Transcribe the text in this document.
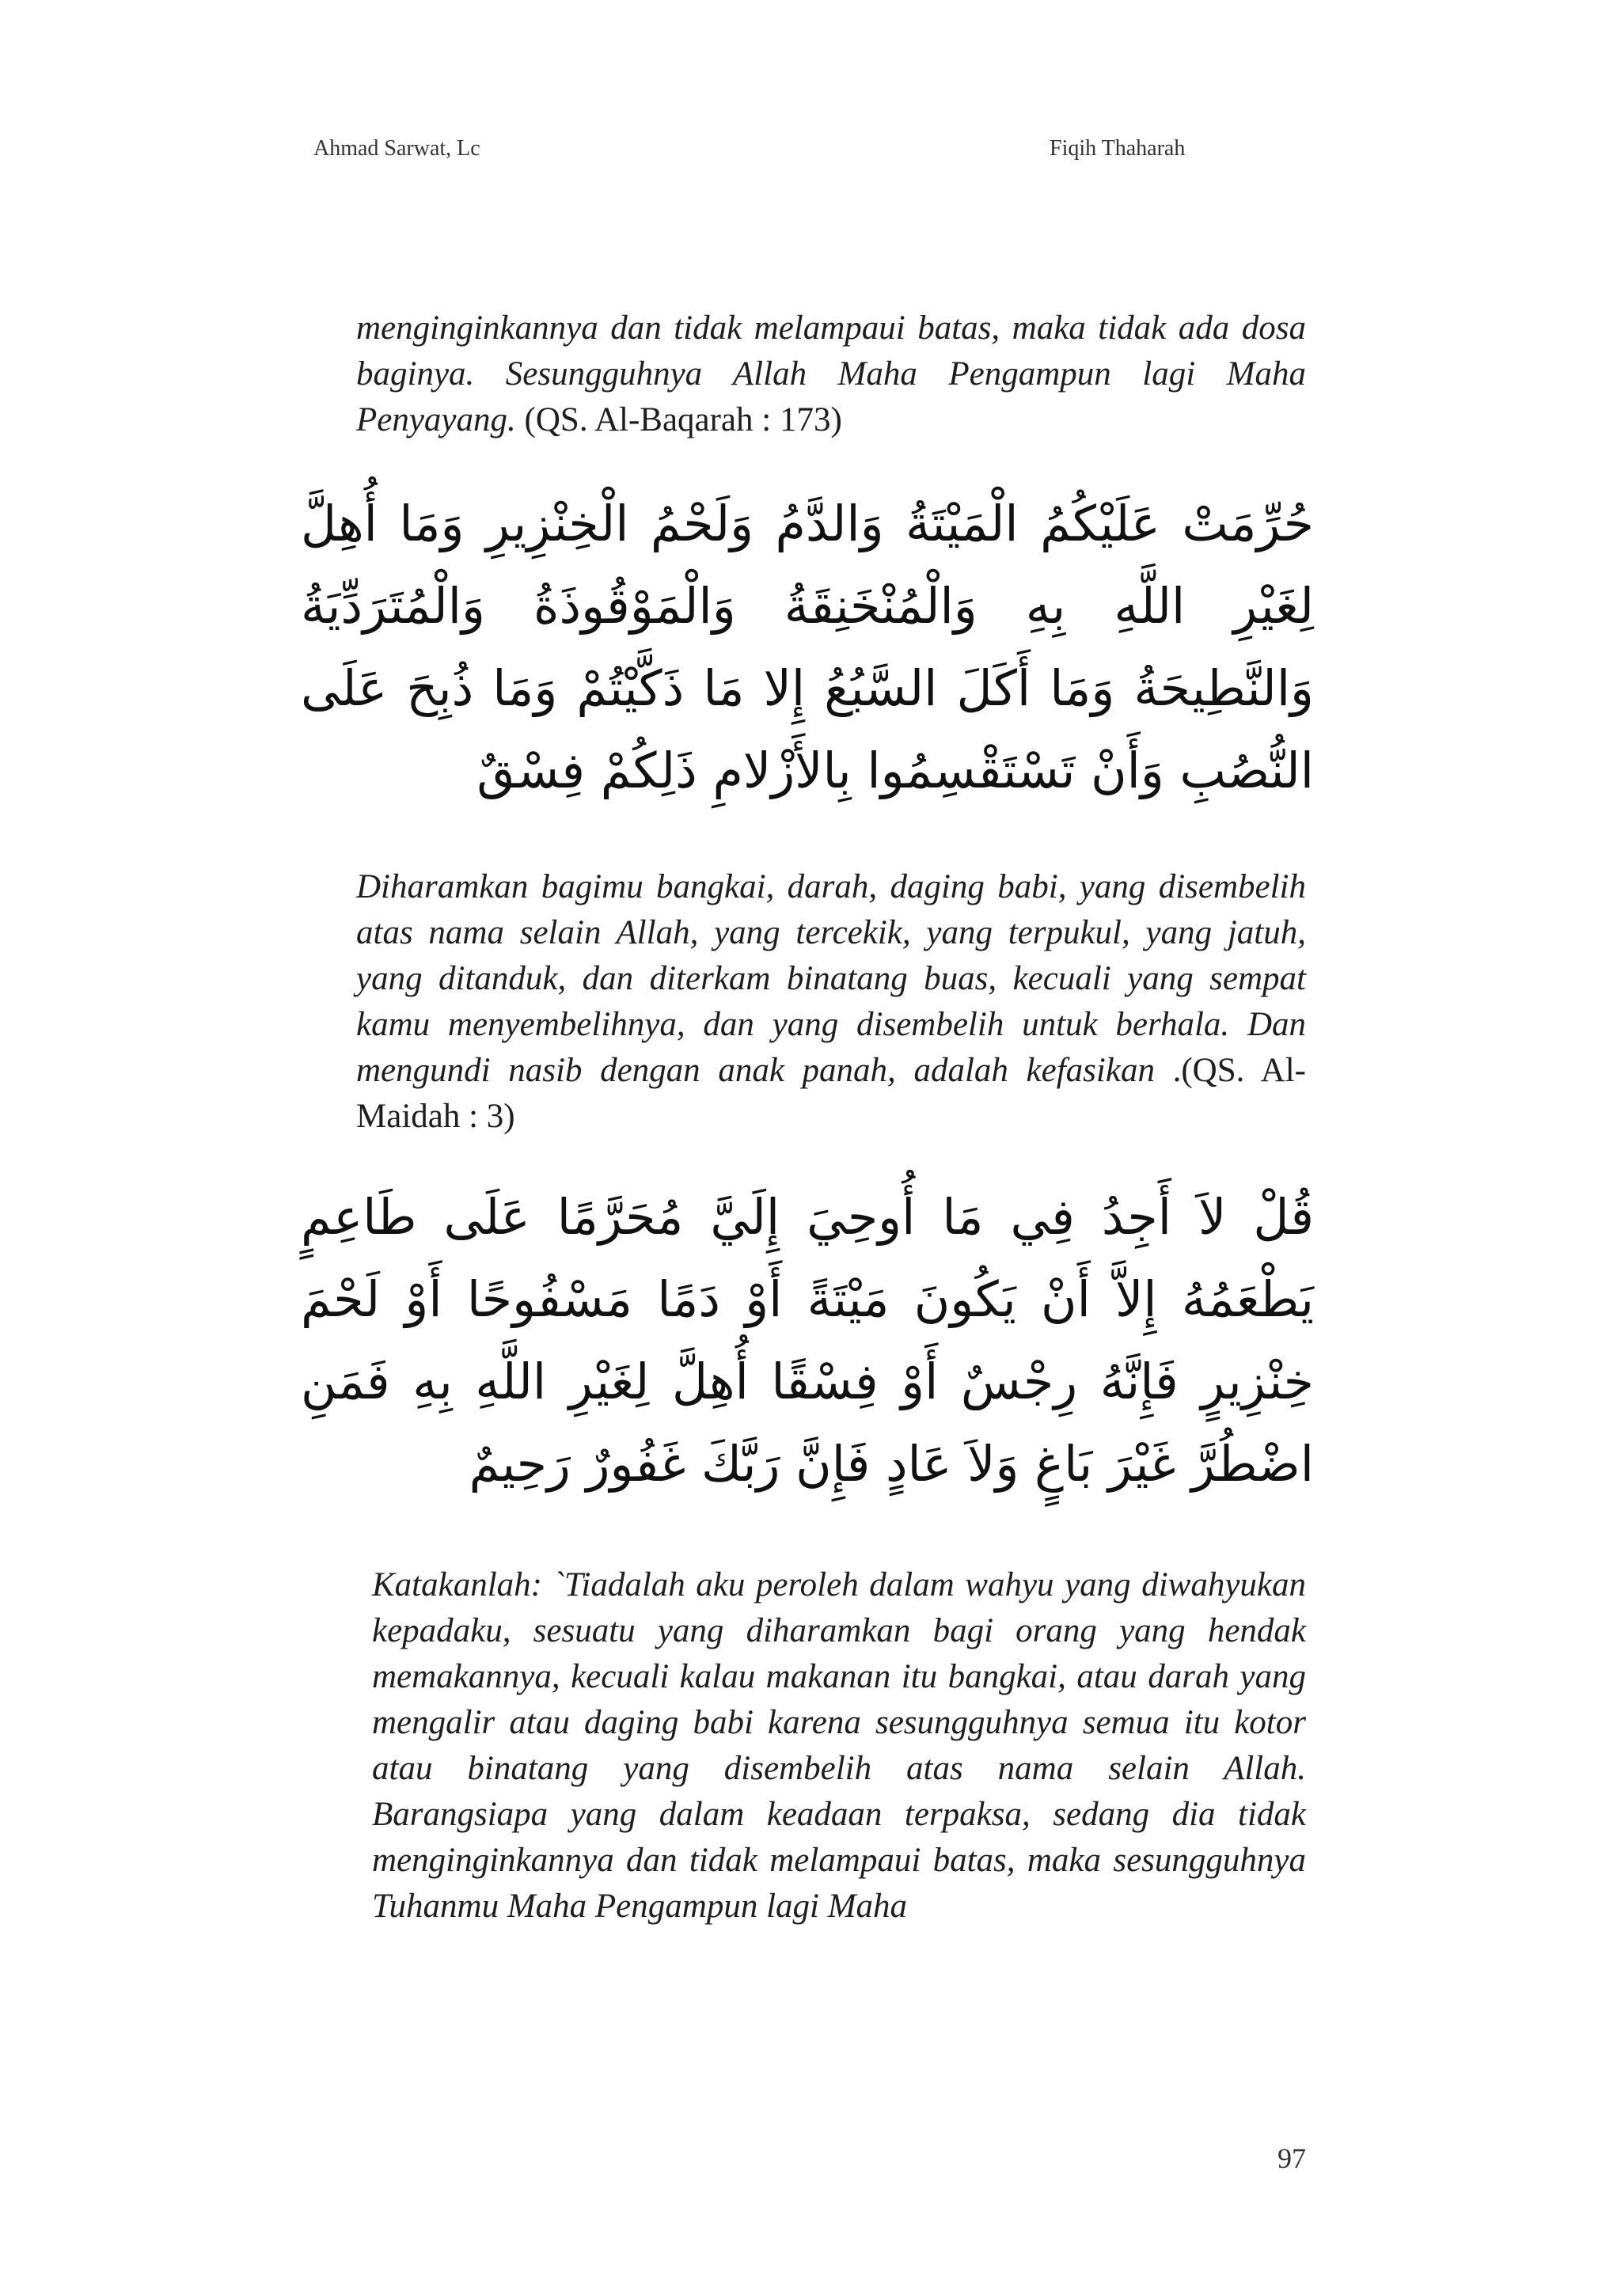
Ahmad Sarwat, Lc	Fiqih Thaharah

menginginkannya dan tidak melampaui batas, maka tidak ada dosa baginya. Sesungguhnya Allah Maha Pengampun lagi Maha Penyayang. (QS. Al-Baqarah : 173)

حُرِّمَتْ عَلَيْكُمُ الْمَيْتَةُ وَالدَّمُ وَلَحْمُ الْخِنْزِيرِ وَمَا أُهِلَّ لِغَيْرِ اللَّهِ بِهِ وَالْمُنْخَنِقَةُ وَالْمَوْقُوذَةُ وَالْمُتَرَدِّيَةُ وَالنَّطِيحَةُ وَمَا أَكَلَ السَّبُعُ إِلا مَا ذَكَّيْتُمْ وَمَا ذُبِحَ عَلَى النُّصُبِ وَأَنْ تَسْتَقْسِمُوا بِالأَزْلامِ ذَلِكُمْ فِسْقٌ

Diharamkan bagimu bangkai, darah, daging babi, yang disembelih atas nama selain Allah, yang tercekik, yang terpukul, yang jatuh, yang ditanduk, dan diterkam binatang buas, kecuali yang sempat kamu menyembelihnya, dan yang disembelih untuk berhala. Dan mengundi nasib dengan anak panah, adalah kefasikan .(QS. Al-Maidah : 3)

قُلْ لاَ أَجِدُ فِي مَا أُوحِيَ إِلَيَّ مُحَرَّمًا عَلَى طَاعِمٍ يَطْعَمُهُ إِلاَّ أَنْ يَكُونَ مَيْتَةً أَوْ دَمًا مَسْفُوحًا أَوْ لَحْمَ خِنْزِيرٍ فَإِنَّهُ رِجْسٌ أَوْ فِسْقًا أُهِلَّ لِغَيْرِ اللَّهِ بِهِ فَمَنِ اضْطُرَّ غَيْرَ بَاغٍ وَلاَ عَادٍ فَإِنَّ رَبَّكَ غَفُورٌ رَحِيمٌ

Katakanlah: `Tiadalah aku peroleh dalam wahyu yang diwahyukan kepadaku, sesuatu yang diharamkan bagi orang yang hendak memakannya, kecuali kalau makanan itu bangkai, atau darah yang mengalir atau daging babi karena sesungguhnya semua itu kotor atau binatang yang disembelih atas nama selain Allah. Barangsiapa yang dalam keadaan terpaksa, sedang dia tidak menginginkannya dan tidak melampaui batas, maka sesungguhnya Tuhanmu Maha Pengampun lagi Maha

97
